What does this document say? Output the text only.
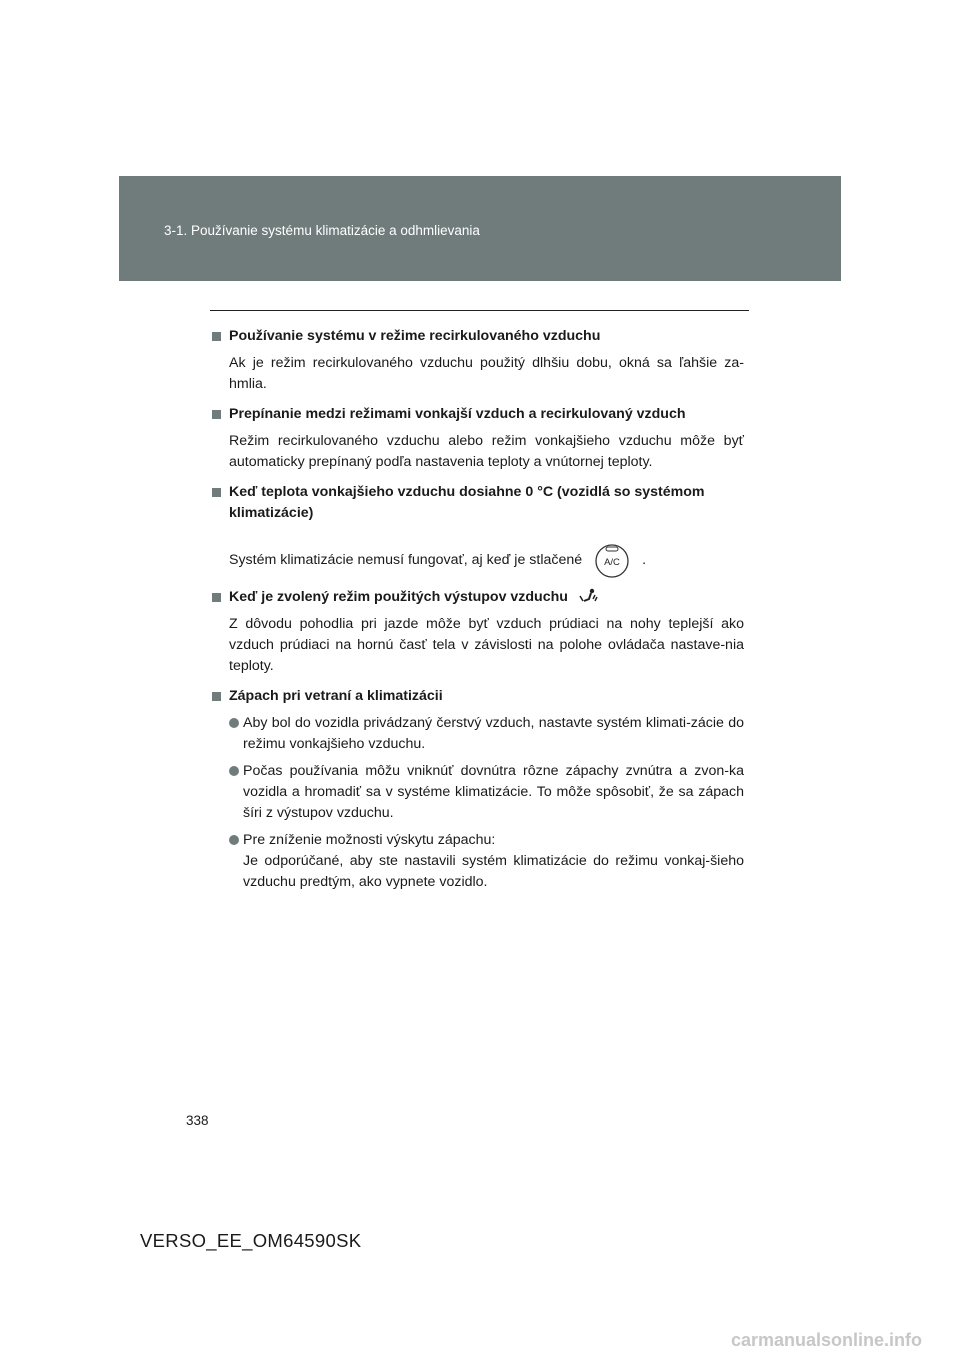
3-1. Používanie systému klimatizácie a odhmlievania
Používanie systému v režime recirkulovaného vzduchu
Ak je režim recirkulovaného vzduchu použitý dlhšiu dobu, okná sa ľahšie za-hmlia.
Prepínanie medzi režimami vonkajší vzduch a recirkulovaný vzduch
Režim recirkulovaného vzduchu alebo režim vonkajšieho vzduchu môže byť automaticky prepínaný podľa nastavenia teploty a vnútornej teploty.
Keď teplota vonkajšieho vzduchu dosiahne 0 °C (vozidlá so systémom klimatizácie)
Systém klimatizácie nemusí fungovať, aj keď je stlačené A/C .
Keď je zvolený režim použitých výstupov vzduchu
Z dôvodu pohodlia pri jazde môže byť vzduch prúdiaci na nohy teplejší ako vzduch prúdiaci na hornú časť tela v závislosti na polohe ovládača nastave-nia teploty.
Zápach pri vetraní a klimatizácii
Aby bol do vozidla privádzaný čerstvý vzduch, nastavte systém klimati-zácie do režimu vonkajšieho vzduchu.
Počas používania môžu vniknúť dovnútra rôzne zápachy zvnútra a zvon-ka vozidla a hromadiť sa v systéme klimatizácie. To môže spôsobiť, že sa zápach šíri z výstupov vzduchu.
Pre zníženie možnosti výskytu zápachu:
Je odporúčané, aby ste nastavili systém klimatizácie do režimu vonkaj-šieho vzduchu predtým, ako vypnete vozidlo.
338
VERSO_EE_OM64590SK
carmanualsonline.info
